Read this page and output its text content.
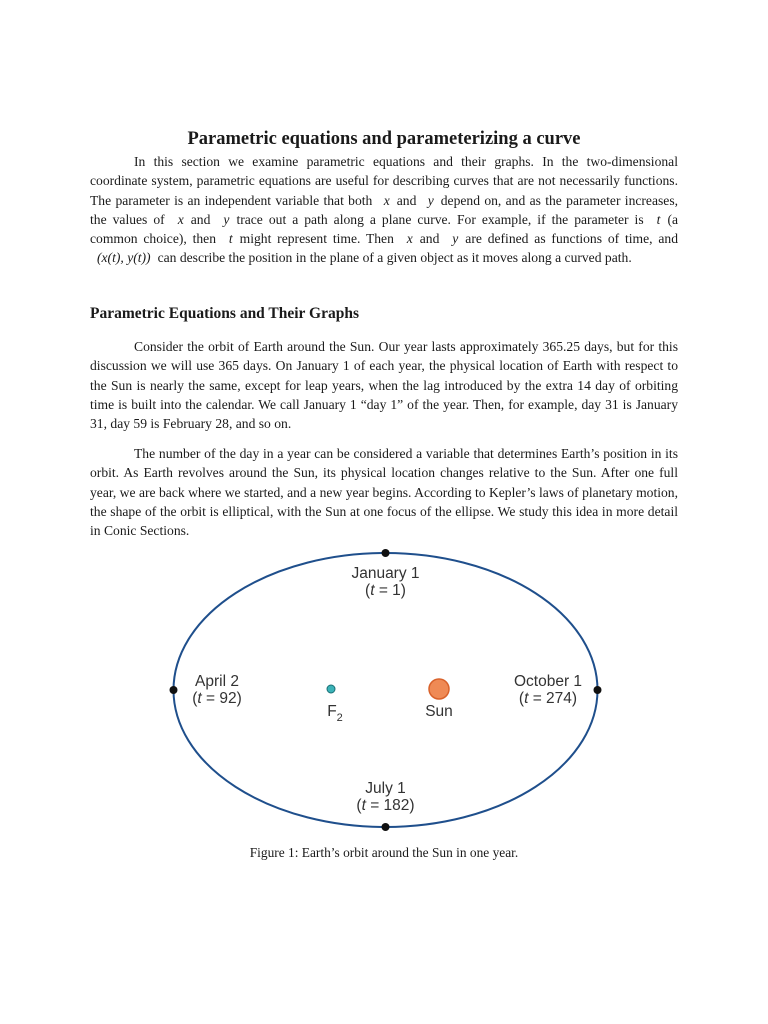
Parametric equations and parameterizing a curve

In this section we examine parametric equations and their graphs. In the two-dimensional coordinate system, parametric equations are useful for describing curves that are not necessarily functions. The parameter is an independent variable that both x and y depend on, and as the parameter increases, the values of x and y trace out a path along a plane curve. For example, if the parameter is t (a common choice), then t might represent time. Then x and y are defined as functions of time, and (x(t), y(t)) can describe the position in the plane of a given object as it moves along a curved path.

Parametric Equations and Their Graphs

Consider the orbit of Earth around the Sun. Our year lasts approximately 365.25 days, but for this discussion we will use 365 days. On January 1 of each year, the physical location of Earth with respect to the Sun is nearly the same, except for leap years, when the lag introduced by the extra 14 day of orbiting time is built into the calendar. We call January 1 “day 1” of the year. Then, for example, day 31 is January 31, day 59 is February 28, and so on.

The number of the day in a year can be considered a variable that determines Earth’s position in its orbit. As Earth revolves around the Sun, its physical location changes relative to the Sun. After one full year, we are back where we started, and a new year begins. According to Kepler’s laws of planetary motion, the shape of the orbit is elliptical, with the Sun at one focus of the ellipse. We study this idea in more detail in Conic Sections.

January 1
(t = 1)
April 2
(t = 92)
October 1
(t = 274)
July 1
(t = 182)
$F_2$	Sun

Figure 1: Earth’s orbit around the Sun in one year.
